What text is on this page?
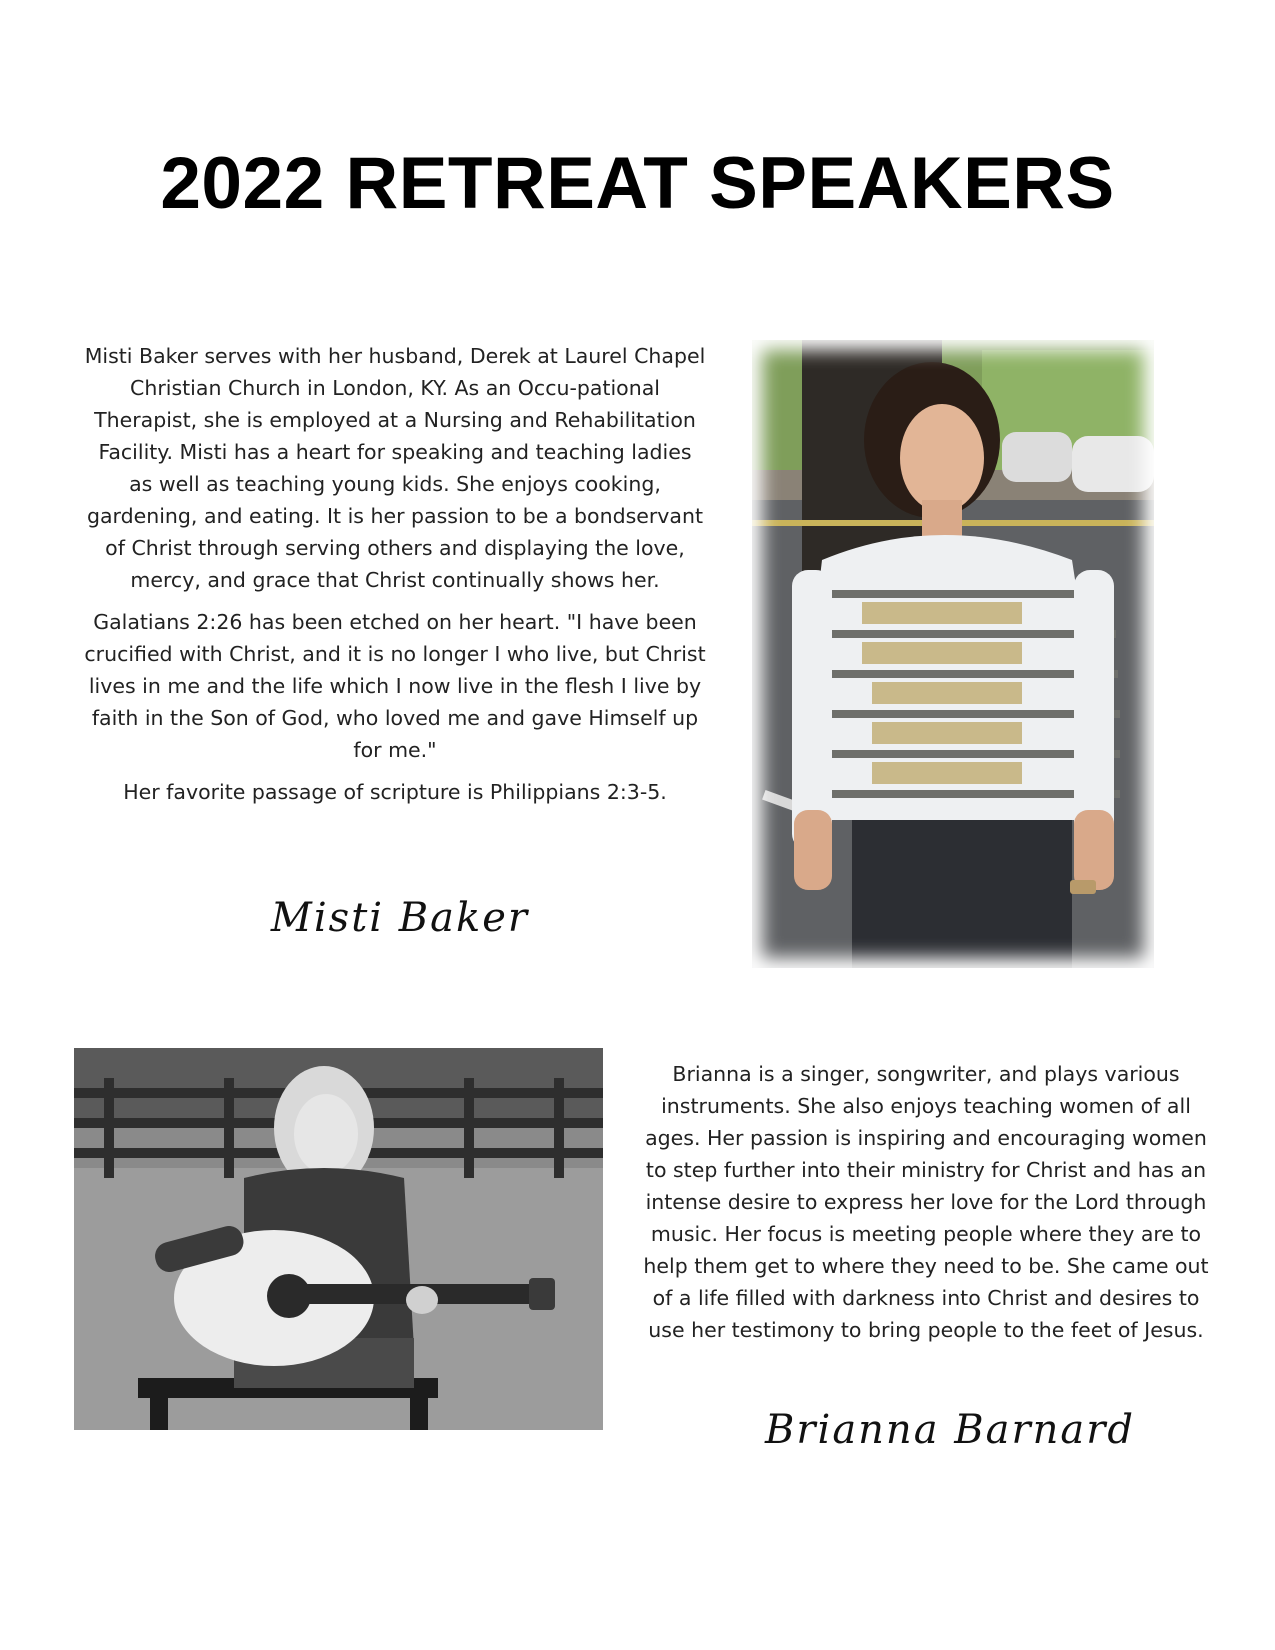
2022 RETREAT SPEAKERS

Misti Baker serves with her husband, Derek at Laurel Chapel Christian Church in London, KY. As an Occu-pational Therapist, she is employed at a Nursing and Rehabilitation Facility. Misti has a heart for speaking and teaching ladies as well as teaching young kids. She enjoys cooking, gardening, and eating. It is her passion to be a bondservant of Christ through serving others and displaying the love, mercy, and grace that Christ continually shows her.

Galatians 2:26 has been etched on her heart. "I have been crucified with Christ, and it is no longer I who live, but Christ lives in me and the life which I now live in the flesh I live by faith in the Son of God, who loved me and gave Himself up for me."

Her favorite passage of scripture is Philippians 2:3-5.

Misti Baker

Brianna is a singer, songwriter, and plays various instruments. She also enjoys teaching women of all ages. Her passion is inspiring and encouraging women to step further into their ministry for Christ and has an intense desire to express her love for the Lord through music. Her focus is meeting people where they are to help them get to where they need to be. She came out of a life filled with darkness into Christ and desires to use her testimony to bring people to the feet of Jesus.

Brianna Barnard
